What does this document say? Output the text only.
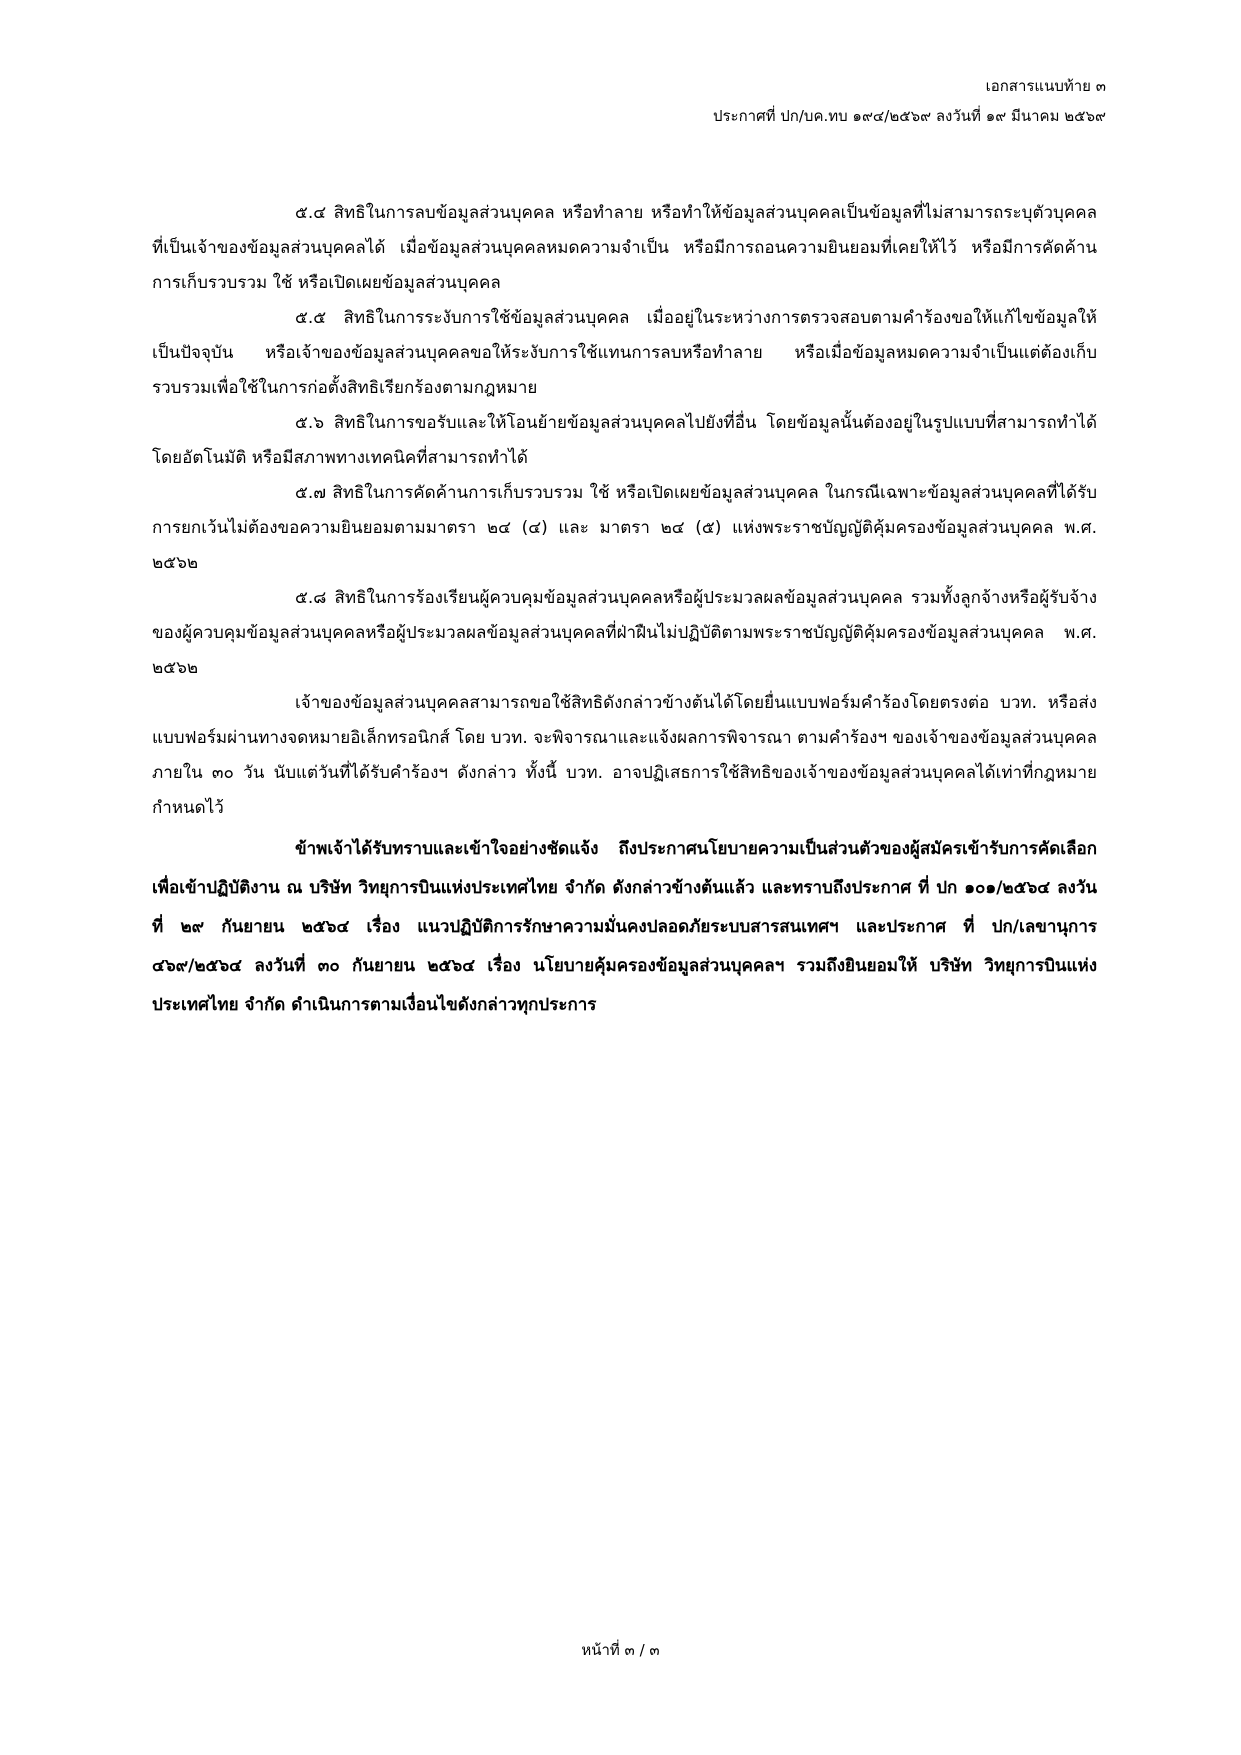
เอกสารแนบท้าย ๓
ประกาศที่ ปก/บค.ทบ ๑๙๔/๒๕๖๙ ลงวันที่ ๑๙ มีนาคม ๒๕๖๙

๕.๔ สิทธิในการลบข้อมูลส่วนบุคคล หรือทำลาย หรือทำให้ข้อมูลส่วนบุคคลเป็นข้อมูลที่ไม่สามารถระบุตัวบุคคลที่เป็นเจ้าของข้อมูลส่วนบุคคลได้ เมื่อข้อมูลส่วนบุคคลหมดความจำเป็น หรือมีการถอนความยินยอมที่เคยให้ไว้ หรือมีการคัดค้านการเก็บรวบรวม ใช้ หรือเปิดเผยข้อมูลส่วนบุคคล

๕.๕ สิทธิในการระงับการใช้ข้อมูลส่วนบุคคล เมื่ออยู่ในระหว่างการตรวจสอบตามคำร้องขอให้แก้ไขข้อมูลให้เป็นปัจจุบัน หรือเจ้าของข้อมูลส่วนบุคคลขอให้ระงับการใช้แทนการลบหรือทำลาย หรือเมื่อข้อมูลหมดความจำเป็นแต่ต้องเก็บรวบรวมเพื่อใช้ในการก่อตั้งสิทธิเรียกร้องตามกฎหมาย

๕.๖ สิทธิในการขอรับและให้โอนย้ายข้อมูลส่วนบุคคลไปยังที่อื่น โดยข้อมูลนั้นต้องอยู่ในรูปแบบที่สามารถทำได้โดยอัตโนมัติ หรือมีสภาพทางเทคนิคที่สามารถทำได้

๕.๗ สิทธิในการคัดค้านการเก็บรวบรวม ใช้ หรือเปิดเผยข้อมูลส่วนบุคคล ในกรณีเฉพาะข้อมูลส่วนบุคคลที่ได้รับการยกเว้นไม่ต้องขอความยินยอมตามมาตรา ๒๔ (๔) และ มาตรา ๒๔ (๕) แห่งพระราชบัญญัติคุ้มครองข้อมูลส่วนบุคคล พ.ศ. ๒๕๖๒

๕.๘ สิทธิในการร้องเรียนผู้ควบคุมข้อมูลส่วนบุคคลหรือผู้ประมวลผลข้อมูลส่วนบุคคล รวมทั้งลูกจ้างหรือผู้รับจ้างของผู้ควบคุมข้อมูลส่วนบุคคลหรือผู้ประมวลผลข้อมูลส่วนบุคคลที่ฝ่าฝืนไม่ปฏิบัติตามพระราชบัญญัติคุ้มครองข้อมูลส่วนบุคคล พ.ศ. ๒๕๖๒

เจ้าของข้อมูลส่วนบุคคลสามารถขอใช้สิทธิดังกล่าวข้างต้นได้โดยยื่นแบบฟอร์มคำร้องโดยตรงต่อ บวท. หรือส่งแบบฟอร์มผ่านทางจดหมายอิเล็กทรอนิกส์ โดย บวท. จะพิจารณาและแจ้งผลการพิจารณา ตามคำร้องฯ ของเจ้าของข้อมูลส่วนบุคคลภายใน ๓๐ วัน นับแต่วันที่ได้รับคำร้องฯ ดังกล่าว ทั้งนี้ บวท. อาจปฏิเสธการใช้สิทธิของเจ้าของข้อมูลส่วนบุคคลได้เท่าที่กฎหมายกำหนดไว้

ข้าพเจ้าได้รับทราบและเข้าใจอย่างชัดแจ้ง ถึงประกาศนโยบายความเป็นส่วนตัวของผู้สมัครเข้ารับการคัดเลือกเพื่อเข้าปฏิบัติงาน ณ บริษัท วิทยุการบินแห่งประเทศไทย จำกัด ดังกล่าวข้างต้นแล้ว และทราบถึงประกาศ ที่ ปก ๑๐๑/๒๕๖๔ ลงวันที่ ๒๙ กันยายน ๒๕๖๔ เรื่อง แนวปฏิบัติการรักษาความมั่นคงปลอดภัยระบบสารสนเทศฯ และประกาศ ที่ ปก/เลขานุการ ๔๖๙/๒๕๖๔ ลงวันที่ ๓๐ กันยายน ๒๕๖๔ เรื่อง นโยบายคุ้มครองข้อมูลส่วนบุคคลฯ รวมถึงยินยอมให้ บริษัท วิทยุการบินแห่งประเทศไทย จำกัด ดำเนินการตามเงื่อนไขดังกล่าวทุกประการ

หน้าที่ ๓ / ๓
